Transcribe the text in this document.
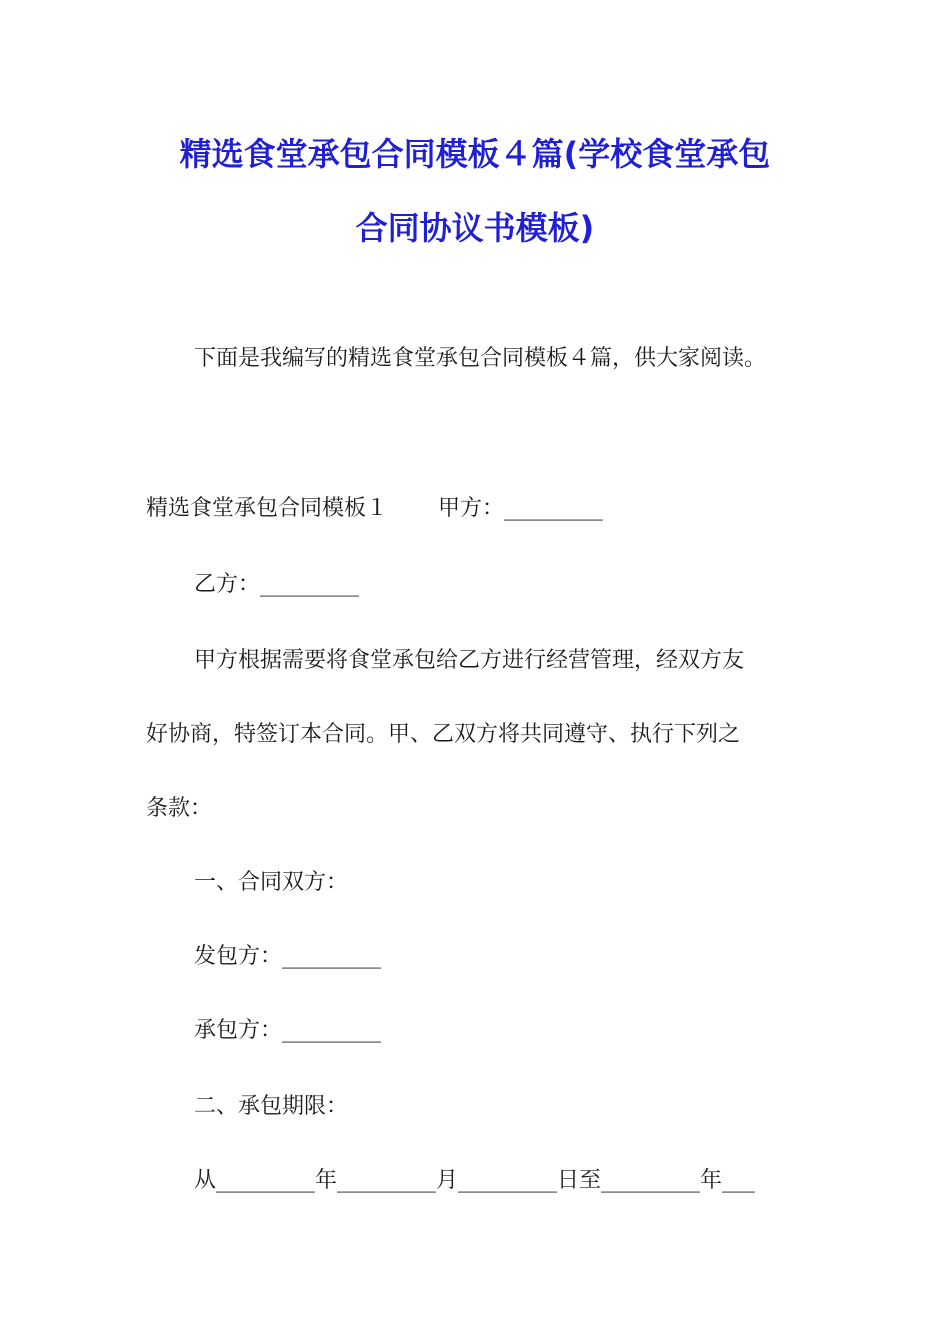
精选食堂承包合同模板４篇(学校食堂承包
合同协议书模板)

下面是我编写的精选食堂承包合同模板４篇，供大家阅读。

精选食堂承包合同模板１ 甲方：_________

乙方：_________

甲方根据需要将食堂承包给乙方进行经营管理，经双方友

好协商，特签订本合同。甲、乙双方将共同遵守、执行下列之

条款：

一、合同双方：

发包方：_________

承包方：_________

二、承包期限：

从_________年_________月_________日至_________年___
